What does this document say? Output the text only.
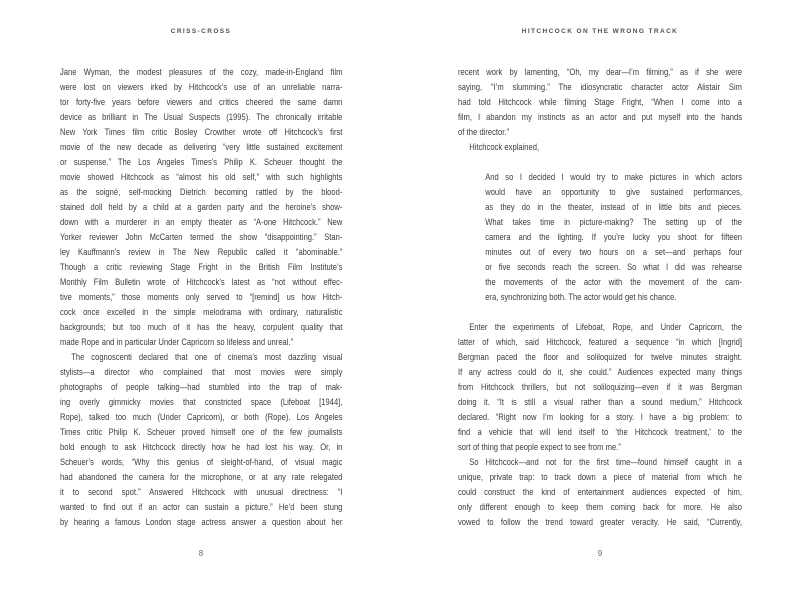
CRISS-CROSS	HITCHCOCK ON THE WRONG TRACK
Jane Wyman, the modest pleasures of the cozy, made-in-England film
were lost on viewers irked by Hitchcock’s use of an unreliable narra-
tor forty-five years before viewers and critics cheered the same damn
device as brilliant in The Usual Suspects (1995). The chronically irritable
New York Times film critic Bosley Crowther wrote off Hitchcock’s first
movie of the new decade as delivering “very little sustained excitement
or suspense.” The Los Angeles Times’s Philip K. Scheuer thought the
movie showed Hitchcock as “almost his old self,” with such highlights
as the soigné, self-mocking Dietrich becoming rattled by the blood-
stained doll held by a child at a garden party and the heroine’s show-
down with a murderer in an empty theater as “A-one Hitchcock.” New
Yorker reviewer John McCarten termed the show “disappointing.” Stan-
ley Kauffmann’s review in The New Republic called it “abominable.”
Though a critic reviewing Stage Fright in the British Film Institute’s
Monthly Film Bulletin wrote of Hitchcock’s latest as “not without effec-
tive moments,” those moments only served to “[remind] us how Hitch-
cock once excelled in the simple melodrama with ordinary, naturalistic
backgrounds; but too much of it has the heavy, corpulent quality that
made Rope and in particular Under Capricorn so lifeless and unreal.”
The cognoscenti declared that one of cinema’s most dazzling visual
stylists—a director who complained that most movies were simply
photographs of people talking—had stumbled into the trap of mak-
ing overly gimmicky movies that constricted space (Lifeboat [1944],
Rope), talked too much (Under Capricorn), or both (Rope). Los Angeles
Times critic Philip K. Scheuer proved himself one of the few journalists
bold enough to ask Hitchcock directly how he had lost his way. Or, in
Scheuer’s words, “Why this genius of sleight-of-hand, of visual magic
had abandoned the camera for the microphone, or at any rate relegated
it to second spot.” Answered Hitchcock with unusual directness: “I
wanted to find out if an actor can sustain a picture.” He’d been stung
by hearing a famous London stage actress answer a question about her
recent work by lamenting, “Oh, my dear—I’m filming,” as if she were
saying, “I’m slumming.” The idiosyncratic character actor Alistair Sim
had told Hitchcock while filming Stage Fright, “When I come into a
film, I abandon my instincts as an actor and put myself into the hands
of the director.”
Hitchcock explained,
And so I decided I would try to make pictures in which actors
would have an opportunity to give sustained performances,
as they do in the theater, instead of in little bits and pieces.
What takes time in picture-making? The setting up of the
camera and the lighting. If you’re lucky you shoot for fifteen
minutes out of every two hours on a set—and perhaps four
or five seconds reach the screen. So what I did was rehearse
the movements of the actor with the movement of the cam-
era, synchronizing both. The actor would get his chance.
Enter the experiments of Lifeboat, Rope, and Under Capricorn, the
latter of which, said Hitchcock, featured a sequence “in which [Ingrid]
Bergman paced the floor and soliloquized for twelve minutes straight.
If any actress could do it, she could.” Audiences expected many things
from Hitchcock thrillers, but not soliloquizing—even if it was Bergman
doing it. “It is still a visual rather than a sound medium,” Hitchcock
declared. “Right now I’m looking for a story. I have a big problem: to
find a vehicle that will lend itself to ‘the Hitchcock treatment,’ to the
sort of thing that people expect to see from me.”
So Hitchcock—and not for the first time—found himself caught in a
unique, private trap: to track down a piece of material from which he
could construct the kind of entertainment audiences expected of him,
only different enough to keep them coming back for more. He also
vowed to follow the trend toward greater veracity. He said, “Currently,
8	9
